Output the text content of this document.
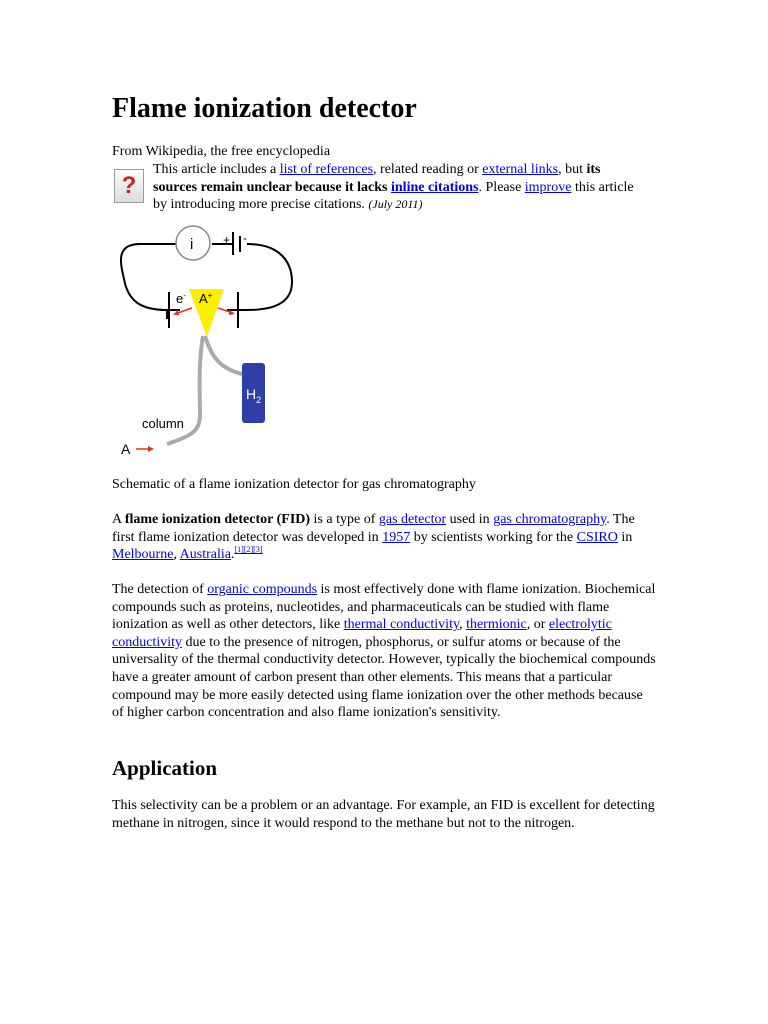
Flame ionization detector
From Wikipedia, the free encyclopedia
?
This article includes a list of references, related reading or external links, but its sources remain unclear because it lacks inline citations. Please improve this article by introducing more precise citations. (July 2011)
i + -
e- A+
$H_2$
column
A
Schematic of a flame ionization detector for gas chromatography

A flame ionization detector (FID) is a type of gas detector used in gas chromatography. The first flame ionization detector was developed in 1957 by scientists working for the CSIRO in Melbourne, Australia.[1][2][3]

The detection of organic compounds is most effectively done with flame ionization. Biochemical compounds such as proteins, nucleotides, and pharmaceuticals can be studied with flame ionization as well as other detectors, like thermal conductivity, thermionic, or electrolytic conductivity due to the presence of nitrogen, phosphorus, or sulfur atoms or because of the universality of the thermal conductivity detector. However, typically the biochemical compounds have a greater amount of carbon present than other elements. This means that a particular compound may be more easily detected using flame ionization over the other methods because of higher carbon concentration and also flame ionization's sensitivity.

Application

This selectivity can be a problem or an advantage. For example, an FID is excellent for detecting methane in nitrogen, since it would respond to the methane but not to the nitrogen.
